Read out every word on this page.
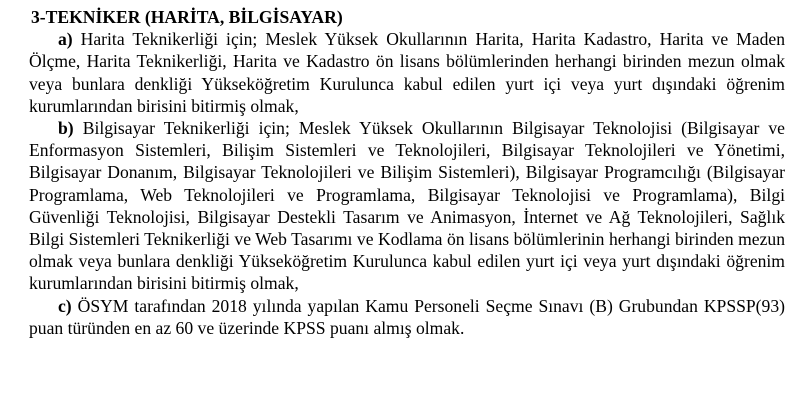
3-TEKNİKER (HARİTA, BİLGİSAYAR)

a) Harita Teknikerliği için; Meslek Yüksek Okullarının Harita, Harita Kadastro, Harita ve Maden Ölçme, Harita Teknikerliği, Harita ve Kadastro ön lisans bölümlerinden herhangi birinden mezun olmak veya bunlara denkliği Yükseköğretim Kurulunca kabul edilen yurt içi veya yurt dışındaki öğrenim kurumlarından birisini bitirmiş olmak,

b) Bilgisayar Teknikerliği için; Meslek Yüksek Okullarının Bilgisayar Teknolojisi (Bilgisayar ve Enformasyon Sistemleri, Bilişim Sistemleri ve Teknolojileri, Bilgisayar Teknolojileri ve Yönetimi, Bilgisayar Donanım, Bilgisayar Teknolojileri ve Bilişim Sistemleri), Bilgisayar Programcılığı (Bilgisayar Programlama, Web Teknolojileri ve Programlama, Bilgisayar Teknolojisi ve Programlama), Bilgi Güvenliği Teknolojisi, Bilgisayar Destekli Tasarım ve Animasyon, İnternet ve Ağ Teknolojileri, Sağlık Bilgi Sistemleri Teknikerliği ve Web Tasarımı ve Kodlama ön lisans bölümlerinin herhangi birinden mezun olmak veya bunlara denkliği Yükseköğretim Kurulunca kabul edilen yurt içi veya yurt dışındaki öğrenim kurumlarından birisini bitirmiş olmak,

c) ÖSYM tarafından 2018 yılında yapılan Kamu Personeli Seçme Sınavı (B) Grubundan KPSSP(93) puan türünden en az 60 ve üzerinde KPSS puanı almış olmak.
